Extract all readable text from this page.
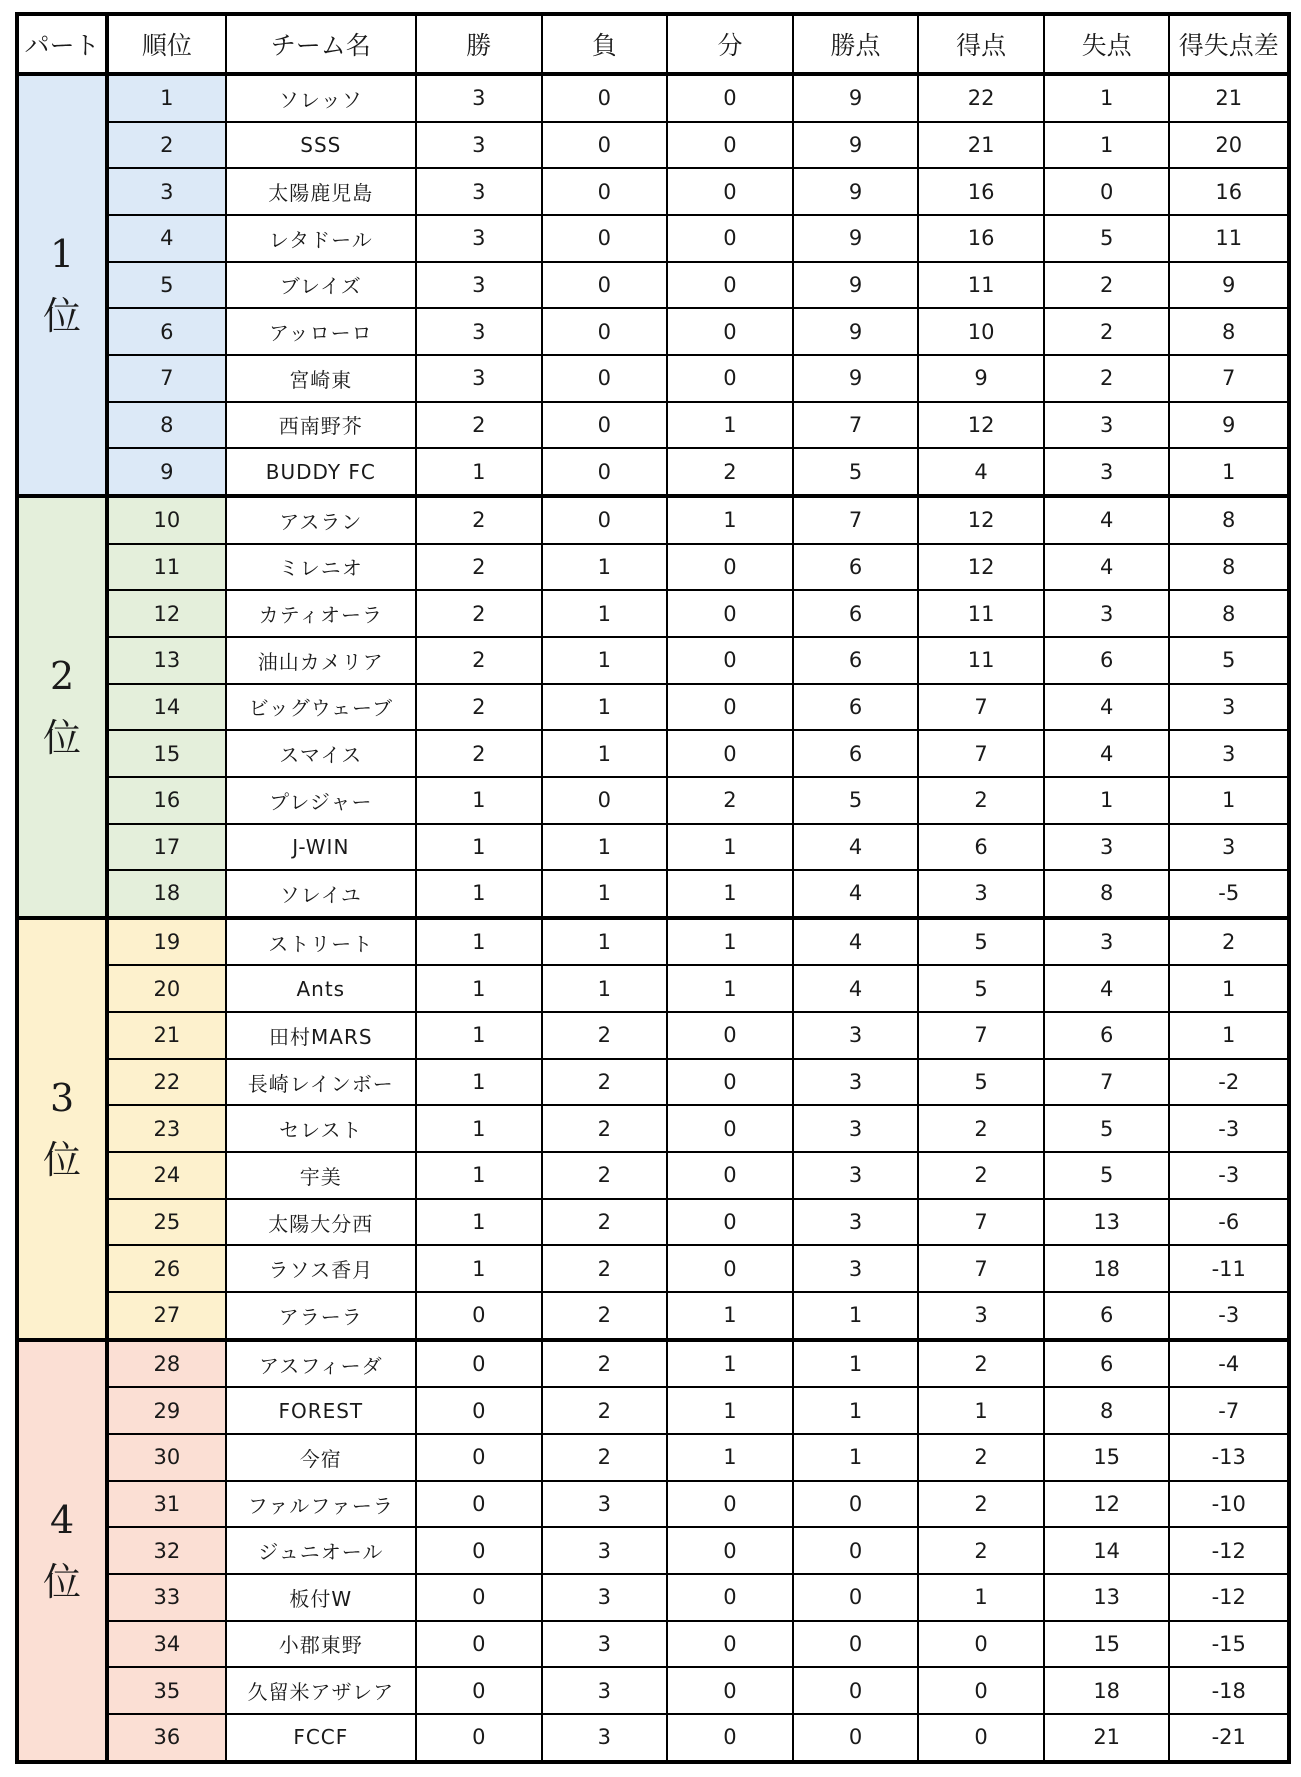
パート	順位	チーム名	勝	負	分	勝点	得点	失点	得失点差

1
位	1	ソレッソ	3	0	0	9	22	1	21
	2	SSS	3	0	0	9	21	1	20
	3	太陽鹿児島	3	0	0	9	16	0	16
	4	レタドール	3	0	0	9	16	5	11
	5	ブレイズ	3	0	0	9	11	2	9
	6	アッローロ	3	0	0	9	10	2	8
	7	宮崎東	3	0	0	9	9	2	7
	8	西南野芥	2	0	1	7	12	3	9
	9	BUDDY FC	1	0	2	5	4	3	1

2
位	10	アスラン	2	0	1	7	12	4	8
	11	ミレニオ	2	1	0	6	12	4	8
	12	カティオーラ	2	1	0	6	11	3	8
	13	油山カメリア	2	1	0	6	11	6	5
	14	ビッグウェーブ	2	1	0	6	7	4	3
	15	スマイス	2	1	0	6	7	4	3
	16	プレジャー	1	0	2	5	2	1	1
	17	J-WIN	1	1	1	4	6	3	3
	18	ソレイユ	1	1	1	4	3	8	-5

3
位	19	ストリート	1	1	1	4	5	3	2
	20	Ants	1	1	1	4	5	4	1
	21	田村MARS	1	2	0	3	7	6	1
	22	長崎レインボー	1	2	0	3	5	7	-2
	23	セレスト	1	2	0	3	2	5	-3
	24	宇美	1	2	0	3	2	5	-3
	25	太陽大分西	1	2	0	3	7	13	-6
	26	ラソス香月	1	2	0	3	7	18	-11
	27	アラーラ	0	2	1	1	3	6	-3

4
位	28	アスフィーダ	0	2	1	1	2	6	-4
	29	FOREST	0	2	1	1	1	8	-7
	30	今宿	0	2	1	1	2	15	-13
	31	ファルファーラ	0	3	0	0	2	12	-10
	32	ジュニオール	0	3	0	0	2	14	-12
	33	板付W	0	3	0	0	1	13	-12
	34	小郡東野	0	3	0	0	0	15	-15
	35	久留米アザレア	0	3	0	0	0	18	-18
	36	FCCF	0	3	0	0	0	21	-21
